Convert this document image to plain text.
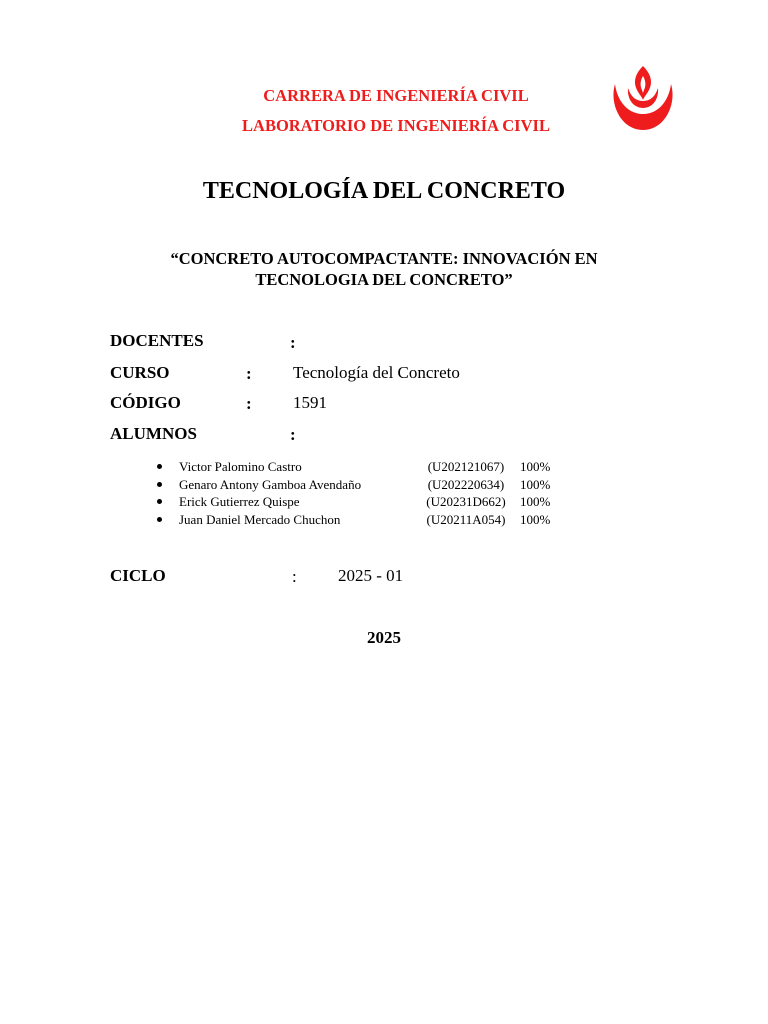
CARRERA DE INGENIERÍA CIVIL
LABORATORIO DE INGENIERÍA CIVIL
TECNOLOGÍA DEL CONCRETO
“CONCRETO AUTOCOMPACTANTE: INNOVACIÓN EN
TECNOLOGIA DEL CONCRETO”
DOCENTES	:
CURSO	: Tecnología del Concreto
CÓDIGO	: 1591
ALUMNOS	:
Victor Palomino Castro	(U202121067)	100%
Genaro Antony Gamboa Avendaño	(U202220634)	100%
Erick Gutierrez Quispe	(U20231D662)	100%
Juan Daniel Mercado Chuchon	(U20211A054)	100%
CICLO	: 2025 - 01
2025
